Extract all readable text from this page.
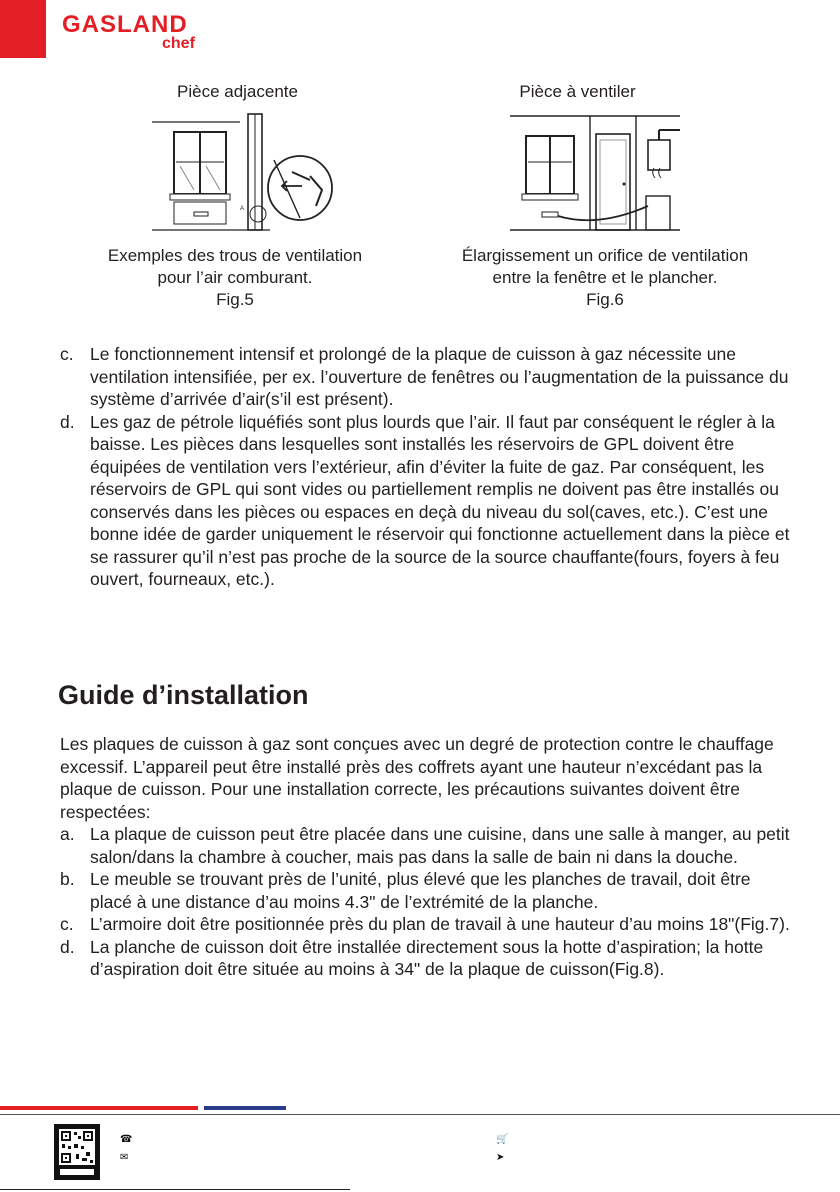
GASLAND
chef
Pièce adjacente
A
Exemples des trous de ventilation
pour l’air comburant.
Fig.5
Pièce à ventiler
Élargissement un orifice de ventilation
entre la fenêtre et le plancher.
Fig.6
c. Le fonctionnement intensif et prolongé de la plaque de cuisson à gaz nécessite une ventilation intensifiée, per ex. l’ouverture de fenêtres ou l’augmentation de la puissance du système d’arrivée d’air(s’il est présent).
d. Les gaz de pétrole liquéfiés sont plus lourds que l’air. Il faut par conséquent le régler à la baisse. Les pièces dans lesquelles sont installés les réservoirs de GPL doivent être équipées de ventilation vers l’extérieur, afin d’éviter la fuite de gaz. Par conséquent, les réservoirs de GPL qui sont vides ou partiellement remplis ne doivent pas être installés ou conservés dans les pièces ou espaces en deçà du niveau du sol(caves, etc.). C’est une bonne idée de garder uniquement le réservoir qui fonctionne actuellement dans la pièce et se rassurer qu’il n’est pas proche de la source de la source chauffante(fours, foyers à feu ouvert, fourneaux, etc.).
Guide d’installation
Les plaques de cuisson à gaz sont conçues avec un degré de protection contre le chauffage excessif. L’appareil peut être installé près des coffrets ayant une hauteur n’excédant pas la plaque de cuisson. Pour une installation correcte, les précautions suivantes doivent être respectées:
a. La plaque de cuisson peut être placée dans une cuisine, dans une salle à manger, au petit salon/dans la chambre à coucher, mais pas dans la salle de bain ni dans la douche.
b. Le meuble se trouvant près de l’unité, plus élevé que les planches de travail, doit être placé à une distance d’au moins 4.3" de l’extrémité de la planche.
c. L’armoire doit être positionnée près du plan de travail à une hauteur d’au moins 18"(Fig.7).
d. La planche de cuisson doit être installée directement sous la hotte d’aspiration; la hotte d’aspiration doit être située au moins à 34" de la plaque de cuisson(Fig.8).
☎
✉
🛒
➤
